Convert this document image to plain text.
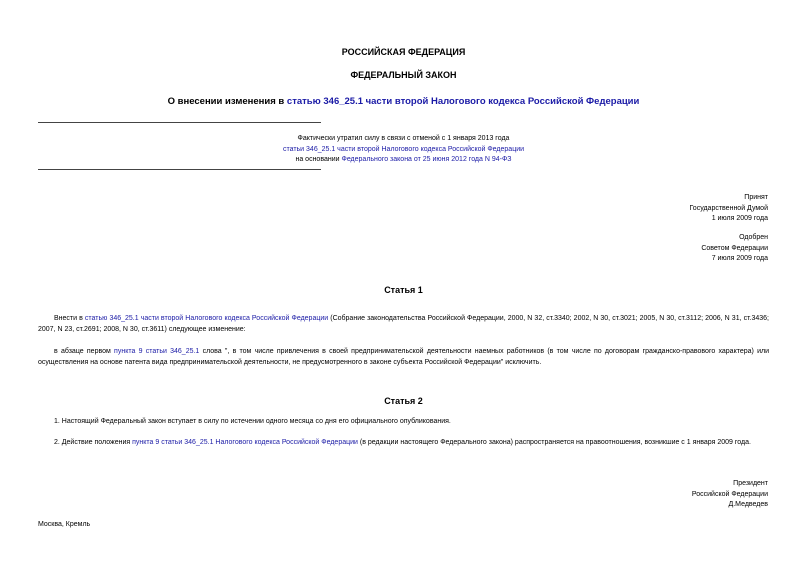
РОССИЙСКАЯ ФЕДЕРАЦИЯ
ФЕДЕРАЛЬНЫЙ ЗАКОН
О внесении изменения в статью 346_25.1 части второй Налогового кодекса Российской Федерации
Фактически утратил силу в связи с отменой с 1 января 2013 года
статьи 346_25.1 части второй Налогового кодекса Российской Федерации
на основании Федерального закона от 25 июня 2012 года N 94-ФЗ
Принят
Государственной Думой
1 июля 2009 года
Одобрен
Советом Федерации
7 июля 2009 года
Статья 1
Внести в статью 346_25.1 части второй Налогового кодекса Российской Федерации (Собрание законодательства Российской Федерации, 2000, N 32, ст.3340; 2002, N 30, ст.3021; 2005, N 30, ст.3112; 2006, N 31, ст.3436; 2007, N 23, ст.2691; 2008, N 30, ст.3611) следующее изменение:
в абзаце первом пункта 9 статьи 346_25.1 слова ", в том числе привлечения в своей предпринимательской деятельности наемных работников (в том числе по договорам гражданско-правового характера) или осуществления на основе патента вида предпринимательской деятельности, не предусмотренного в законе субъекта Российской Федерации" исключить.
Статья 2
1. Настоящий Федеральный закон вступает в силу по истечении одного месяца со дня его официального опубликования.
2. Действие положения пункта 9 статьи 346_25.1 Налогового кодекса Российской Федерации (в редакции настоящего Федерального закона) распространяется на правоотношения, возникшие с 1 января 2009 года.
Президент
Российской Федерации
Д.Медведев
Москва, Кремль
